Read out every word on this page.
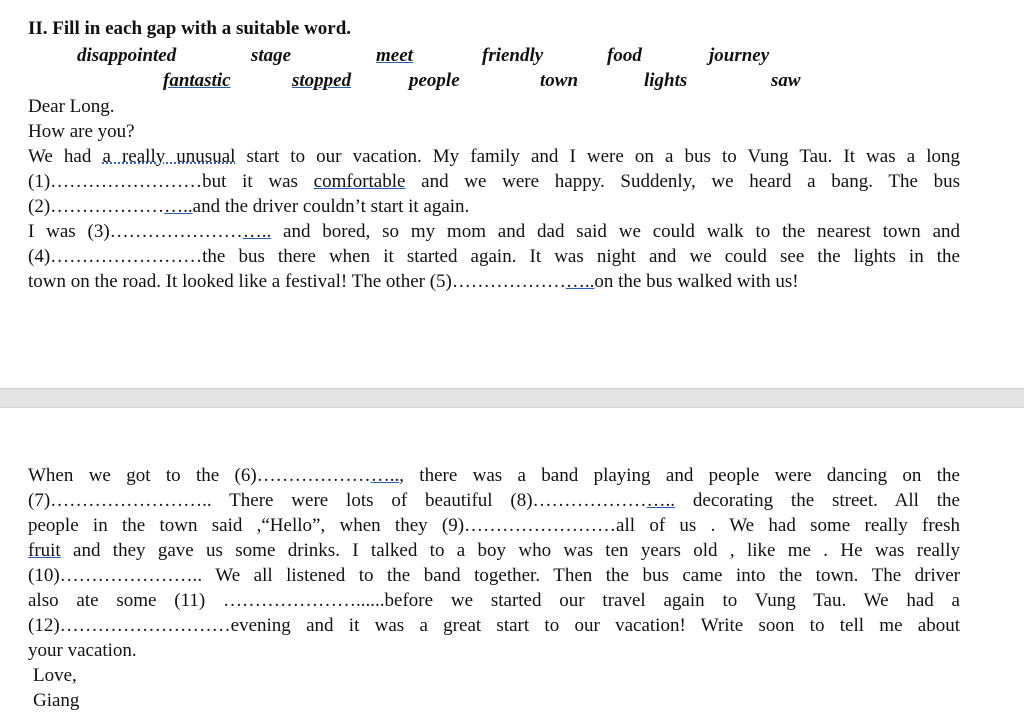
II. Fill in each gap with a suitable word.
disappointed	stage	meet	friendly	food	journey
fantastic	stopped	people	town	lights	saw
Dear Long.
How are you?
We had a really unusual start to our vacation. My family and I were on a bus to Vung Tau. It was a long
(1)……………………but it was comfortable and we were happy. Suddenly, we heard a bang. The bus
(2)…………………..and the driver couldn’t start it again.
I was (3)…………………….. and bored, so my mom and dad said we could walk to the nearest town and
(4)……………………the bus there when it started again. It was night and we could see the lights in the
town on the road. It looked like a festival! The other (5)…………………..on the bus walked with us!
When we got to the (6)………………….., there was a band playing and people were dancing on the
(7)…………………….. There were lots of beautiful (8)………………….. decorating the street. All the
people in the town said ,“Hello”, when they (9)……………………all of us . We had some really fresh
fruit and they gave us some drinks. I talked to a boy who was ten years old , like me . He was really
(10)………………….. We all listened to the band together. Then the bus came into the town. The driver
also ate some (11) …………………......before we started our travel again to Vung Tau. We had a
(12)………………………evening and it was a great start to our vacation! Write soon to tell me about
your vacation.
Love,
Giang
